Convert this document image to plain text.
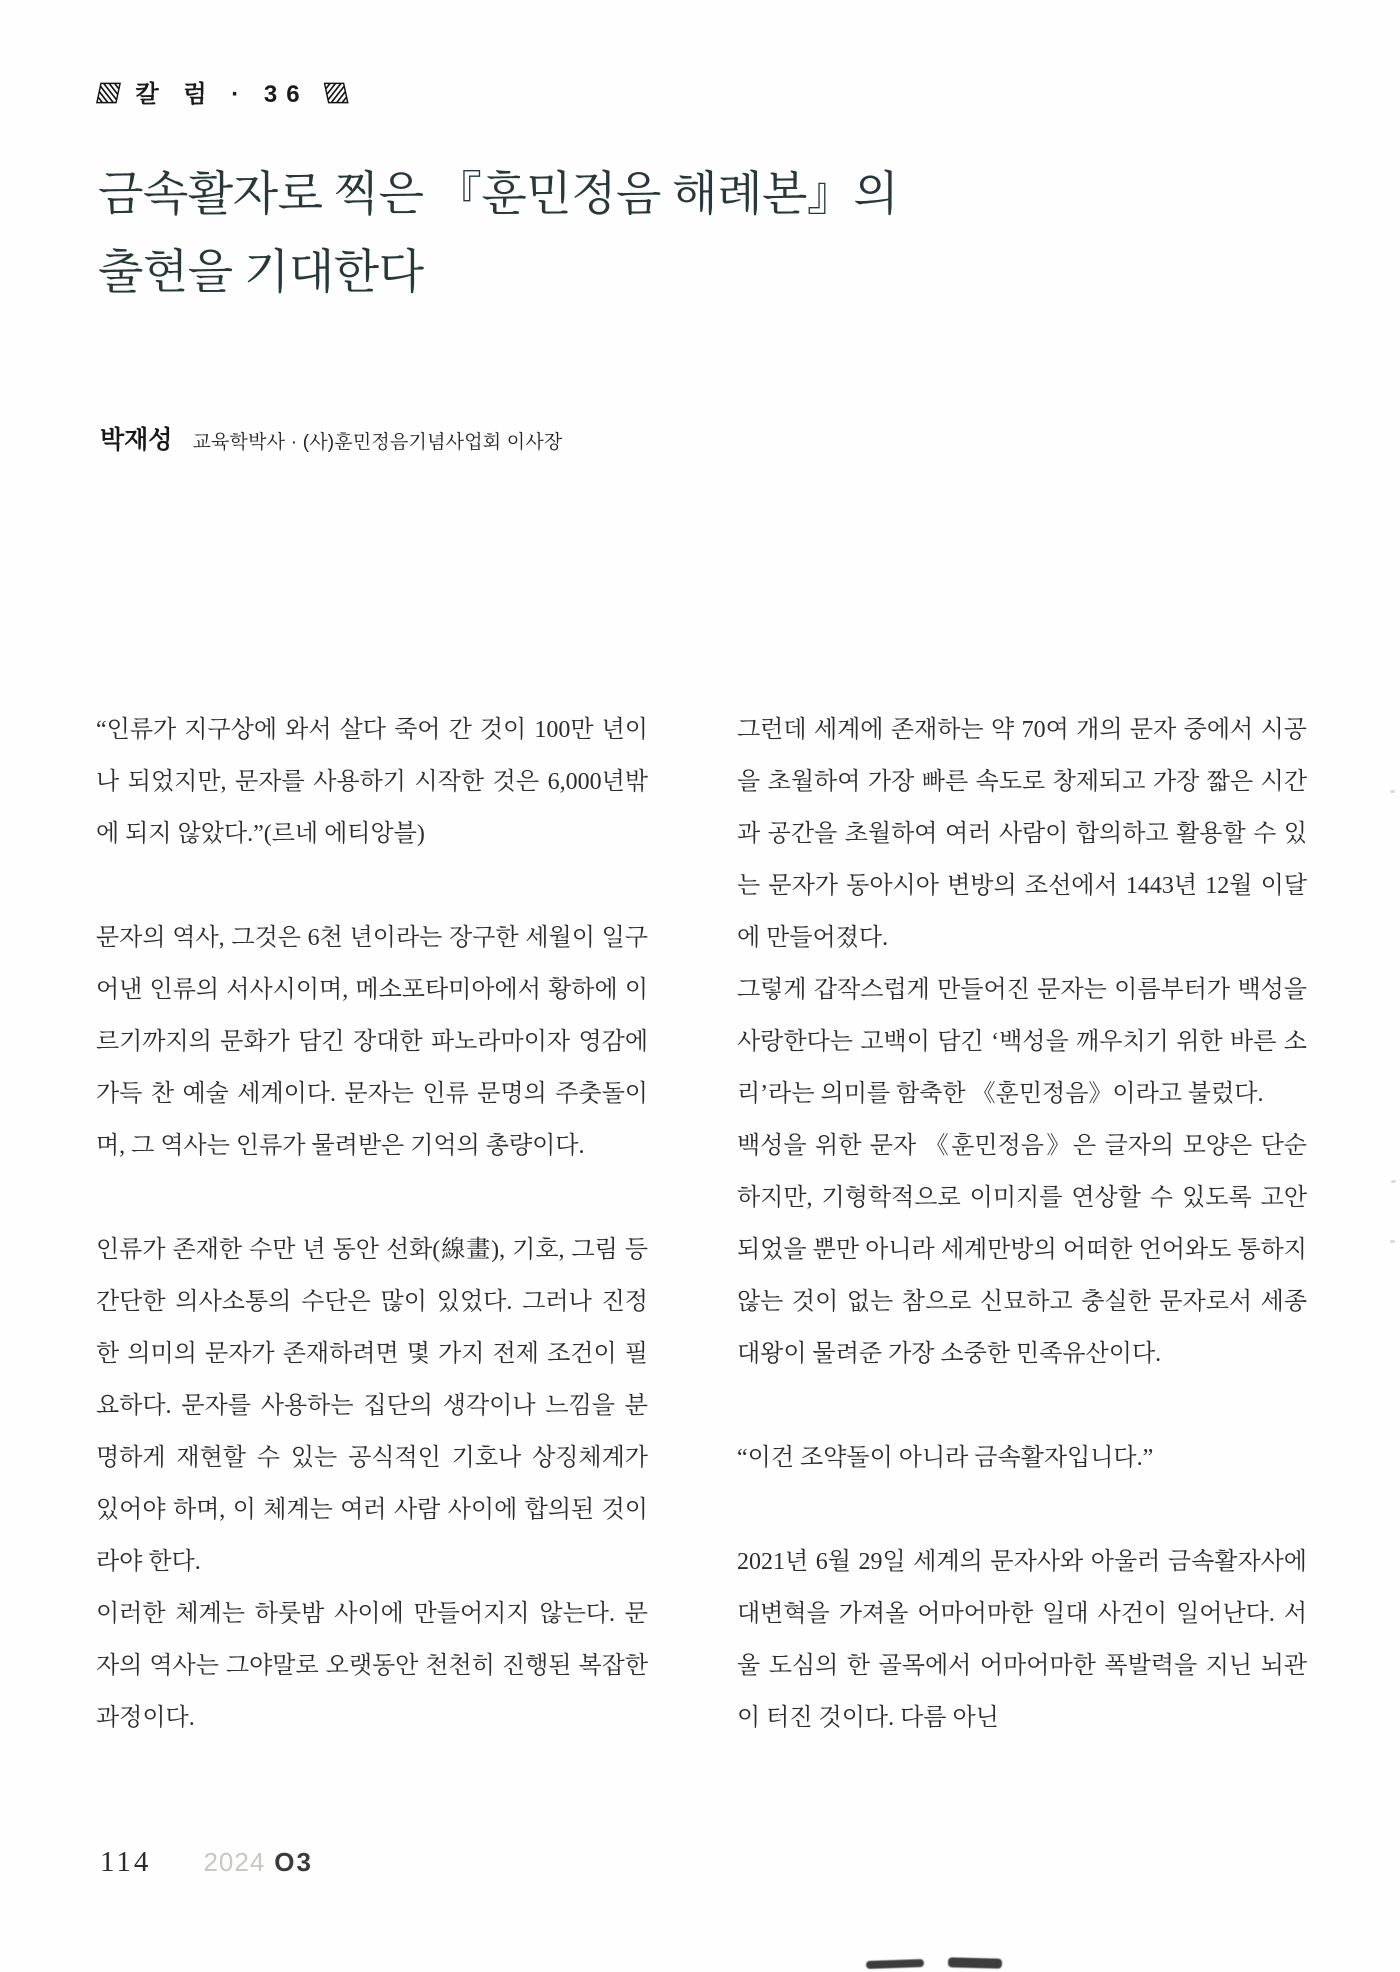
▧ 칼 럼 · 36 ▧
금속활자로 찍은 『훈민정음 해례본』의
출현을 기대한다
박재성 교육학박사 · (사)훈민정음기념사업회 이사장

“인류가 지구상에 와서 살다 죽어 간 것이 100만 년이나 되었지만, 문자를 사용하기 시작한 것은 6,000년밖에 되지 않았다.”(르네 에티앙블)

문자의 역사, 그것은 6천 년이라는 장구한 세월이 일구어낸 인류의 서사시이며, 메소포타미아에서 황하에 이르기까지의 문화가 담긴 장대한 파노라마이자 영감에 가득 찬 예술 세계이다. 문자는 인류 문명의 주춧돌이며, 그 역사는 인류가 물려받은 기억의 총량이다.

인류가 존재한 수만 년 동안 선화(線畫), 기호, 그림 등 간단한 의사소통의 수단은 많이 있었다. 그러나 진정한 의미의 문자가 존재하려면 몇 가지 전제 조건이 필요하다. 문자를 사용하는 집단의 생각이나 느낌을 분명하게 재현할 수 있는 공식적인 기호나 상징체계가 있어야 하며, 이 체계는 여러 사람 사이에 합의된 것이라야 한다.

이러한 체계는 하룻밤 사이에 만들어지지 않는다. 문자의 역사는 그야말로 오랫동안 천천히 진행된 복잡한 과정이다.

그런데 세계에 존재하는 약 70여 개의 문자 중에서 시공을 초월하여 가장 빠른 속도로 창제되고 가장 짧은 시간과 공간을 초월하여 여러 사람이 합의하고 활용할 수 있는 문자가 동아시아 변방의 조선에서 1443년 12월 이달에 만들어졌다.

그렇게 갑작스럽게 만들어진 문자는 이름부터가 백성을 사랑한다는 고백이 담긴 ‘백성을 깨우치기 위한 바른 소리’라는 의미를 함축한 《훈민정음》이라고 불렀다.

백성을 위한 문자 《훈민정음》은 글자의 모양은 단순하지만, 기형학적으로 이미지를 연상할 수 있도록 고안되었을 뿐만 아니라 세계만방의 어떠한 언어와도 통하지 않는 것이 없는 참으로 신묘하고 충실한 문자로서 세종대왕이 물려준 가장 소중한 민족유산이다.

“이건 조약돌이 아니라 금속활자입니다.”

2021년 6월 29일 세계의 문자사와 아울러 금속활자사에 대변혁을 가져올 어마어마한 일대 사건이 일어난다. 서울 도심의 한 골목에서 어마어마한 폭발력을 지닌 뇌관이 터진 것이다. 다름 아닌

114 2024 O3
